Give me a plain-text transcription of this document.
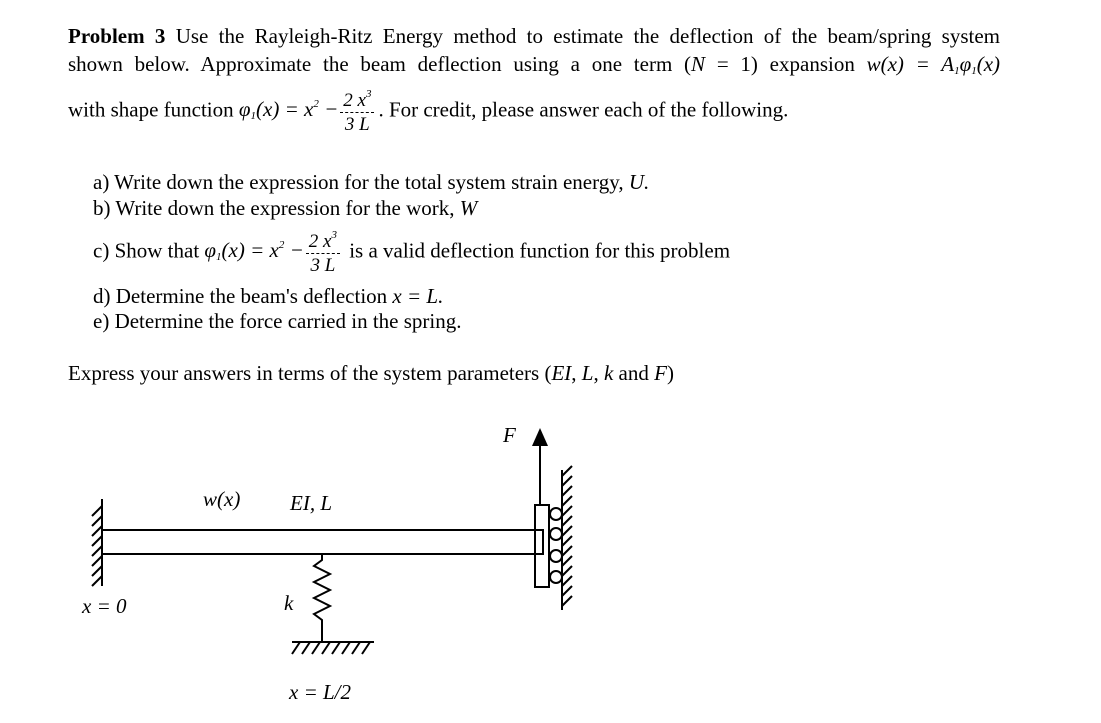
Problem 3 Use the Rayleigh-Ritz Energy method to estimate the deflection of the beam/spring system
shown below. Approximate the beam deflection using a one term (N = 1) expansion $w(x) = A_1\varphi_1(x)$
with shape function $\varphi_1(x) = x^2 - \frac{2 x^3}{3 L}$ . For credit, please answer each of the following.
a) Write down the expression for the total system strain energy, U.
b) Write down the expression for the work, W
c) Show that $\varphi_1(x) = x^2 - \frac{2 x^3}{3 L}$ is a valid deflection function for this problem
d) Determine the beam's deflection x = L.
e) Determine the force carried in the spring.
Express your answers in terms of the system parameters (EI, L, k and F)
F
w(x) EI, L
x = 0	k
x = L/2
